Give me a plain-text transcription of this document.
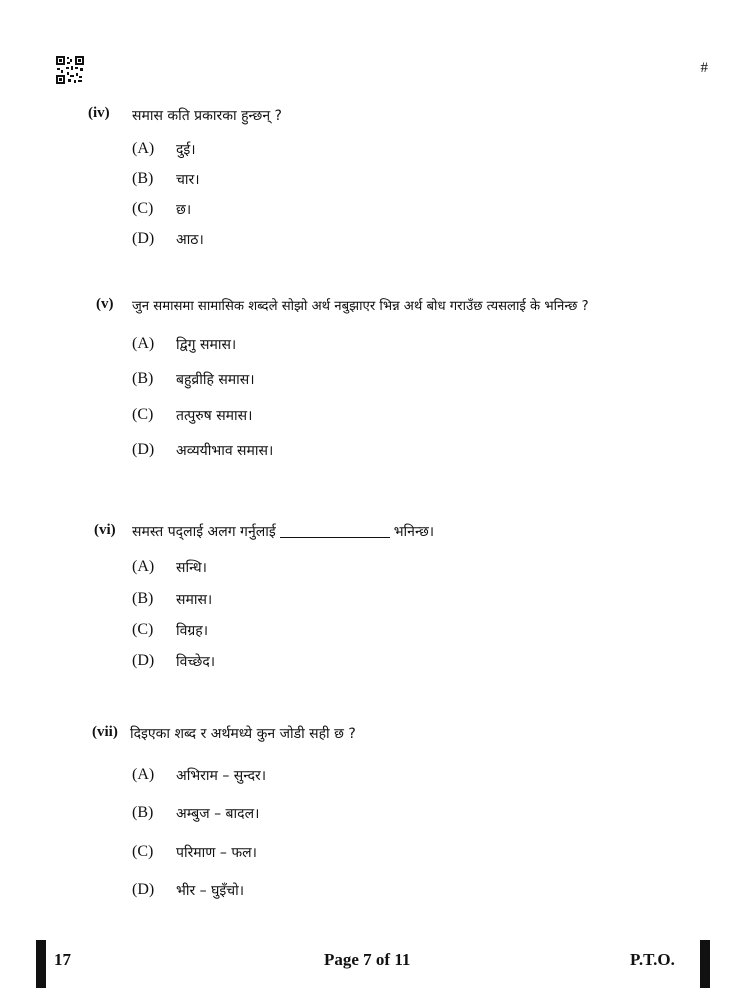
#
(iv) समास कति प्रकारका हुन्छन् ?
(A) दुई।
(B) चार।
(C) छ।
(D) आठ।
(v) जुन समासमा सामासिक शब्दले सोझो अर्थ नबुझाएर भिन्न अर्थ बोध गराउँछ त्यसलाई के भनिन्छ ?
(A) द्विगु समास।
(B) बहुव्रीहि समास।
(C) तत्पुरुष समास।
(D) अव्ययीभाव समास।
(vi) समस्त पद्लाई अलग गर्नुलाई	भनिन्छ।
(A) सन्धि।
(B) समास।
(C) विग्रह।
(D) विच्छेद।
(vii) दिइएका शब्द र अर्थमध्ये कुन जोडी सही छ ?
(A) अभिराम – सुन्दर।
(B) अम्बुज – बादल।
(C) परिमाण – फल।
(D) भीर – घुइँचो।
17	Page 7 of 11	P.T.O.
